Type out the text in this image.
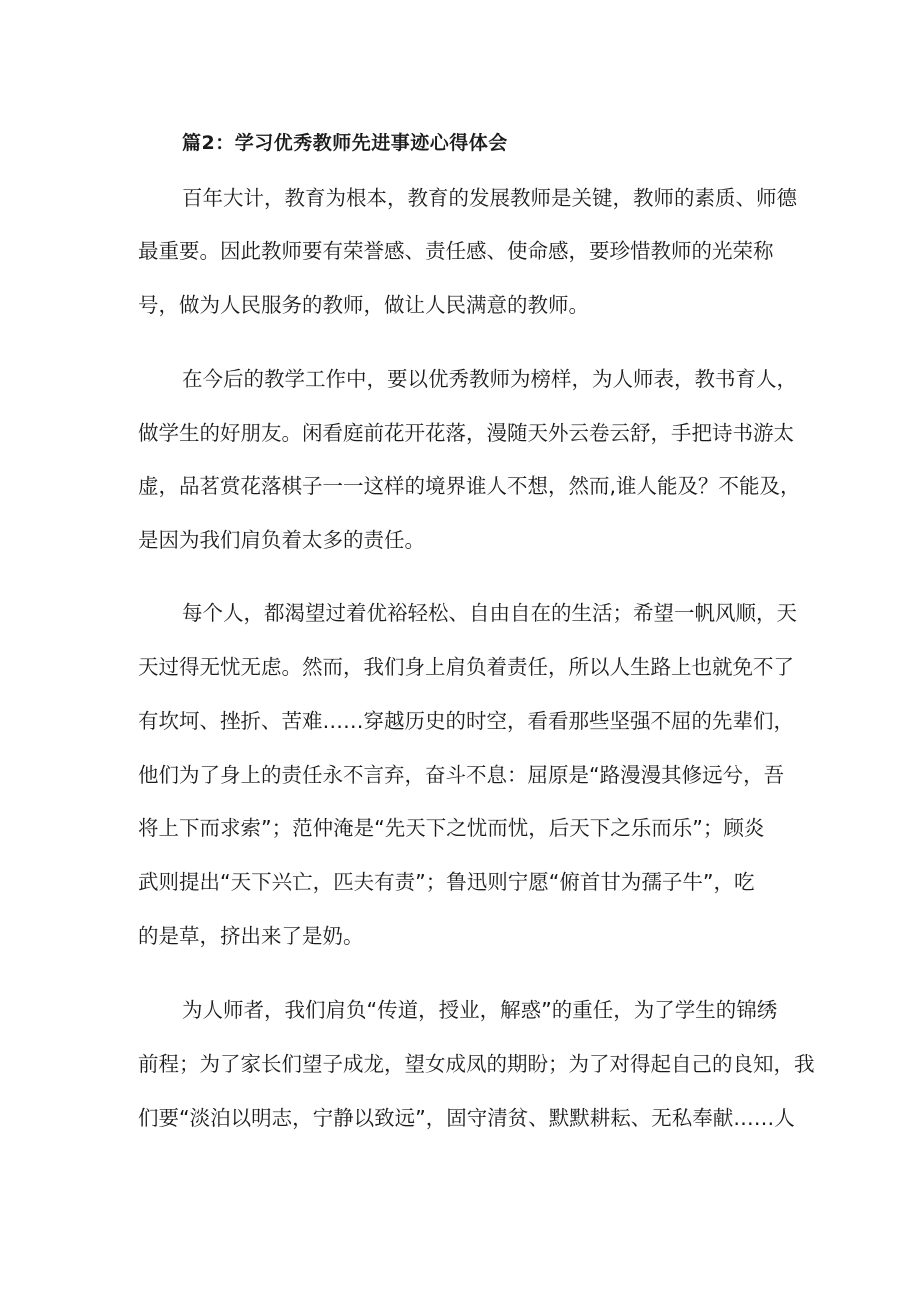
篇2：学习优秀教师先进事迹心得体会
百年大计，教育为根本，教育的发展教师是关键，教师的素质、师德
最重要。因此教师要有荣誉感、责任感、使命感，要珍惜教师的光荣称
号，做为人民服务的教师，做让人民满意的教师。
在今后的教学工作中，要以优秀教师为榜样，为人师表，教书育人，
做学生的好朋友。闲看庭前花开花落，漫随天外云卷云舒，手把诗书游太
虚，品茗赏花落棋子一一这样的境界谁人不想，然而,谁人能及？不能及，
是因为我们肩负着太多的责任。
每个人，都渴望过着优裕轻松、自由自在的生活；希望一帆风顺，天
天过得无忧无虑。然而，我们身上肩负着责任，所以人生路上也就免不了
有坎坷、挫折、苦难……穿越历史的时空，看看那些坚强不屈的先辈们，
他们为了身上的责任永不言弃，奋斗不息：屈原是“路漫漫其修远兮，吾
将上下而求索”；范仲淹是“先天下之忧而忧，后天下之乐而乐”；顾炎
武则提出“天下兴亡，匹夫有责”；鲁迅则宁愿“俯首甘为孺子牛”，吃
的是草，挤出来了是奶。
为人师者，我们肩负“传道，授业，解惑”的重任，为了学生的锦绣
前程；为了家长们望子成龙，望女成凤的期盼；为了对得起自己的良知，我
们要“淡泊以明志，宁静以致远”，固守清贫、默默耕耘、无私奉献……人
